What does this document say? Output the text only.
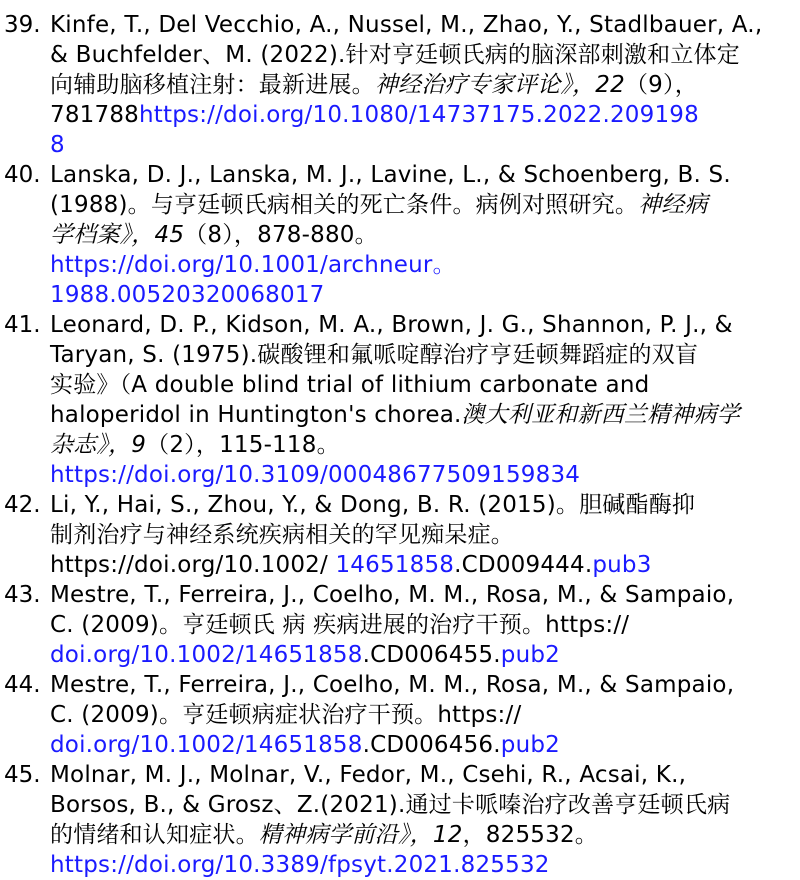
39. Kinfe, T., Del Vecchio, A., Nussel, M., Zhao, Y., Stadlbauer, A.,
& Buchfelder、M. (2022).针对亨廷顿氏病的脑深部刺激和立体定
向辅助脑移植注射：最新进展。神经治疗专家评论》，22（9），
781788https://doi.org/10.1080/14737175.2022.209198
8
40. Lanska, D. J., Lanska, M. J., Lavine, L., & Schoenberg, B. S.
(1988)。与亨廷顿氏病相关的死亡条件。病例对照研究。神经病
学档案》，45（8），878-880。
https://doi.org/10.1001/archneur。
1988.00520320068017
41. Leonard, D. P., Kidson, M. A., Brown, J. G., Shannon, P. J., &
Taryan, S. (1975).碳酸锂和氟哌啶醇治疗亨廷顿舞蹈症的双盲
实验》（A double blind trial of lithium carbonate and
haloperidol in Huntington's chorea.澳大利亚和新西兰精神病学
杂志》，9（2），115-118。
https://doi.org/10.3109/00048677509159834
42. Li, Y., Hai, S., Zhou, Y., & Dong, B. R. (2015)。胆碱酯酶抑
制剂治疗与神经系统疾病相关的罕见痴呆症。
https://doi.org/10.1002/ 14651858.CD009444.pub3
43. Mestre, T., Ferreira, J., Coelho, M. M., Rosa, M., & Sampaio,
C. (2009)。亨廷顿氏 病 疾病进展的治疗干预。https://
doi.org/10.1002/14651858.CD006455.pub2
44. Mestre, T., Ferreira, J., Coelho, M. M., Rosa, M., & Sampaio,
C. (2009)。亨廷顿病症状治疗干预。https://
doi.org/10.1002/14651858.CD006456.pub2
45. Molnar, M. J., Molnar, V., Fedor, M., Csehi, R., Acsai, K.,
Borsos, B., & Grosz、Z.(2021).通过卡哌嗪治疗改善亨廷顿氏病
的情绪和认知症状。精神病学前沿》，12，825532。
https://doi.org/10.3389/fpsyt.2021.825532
